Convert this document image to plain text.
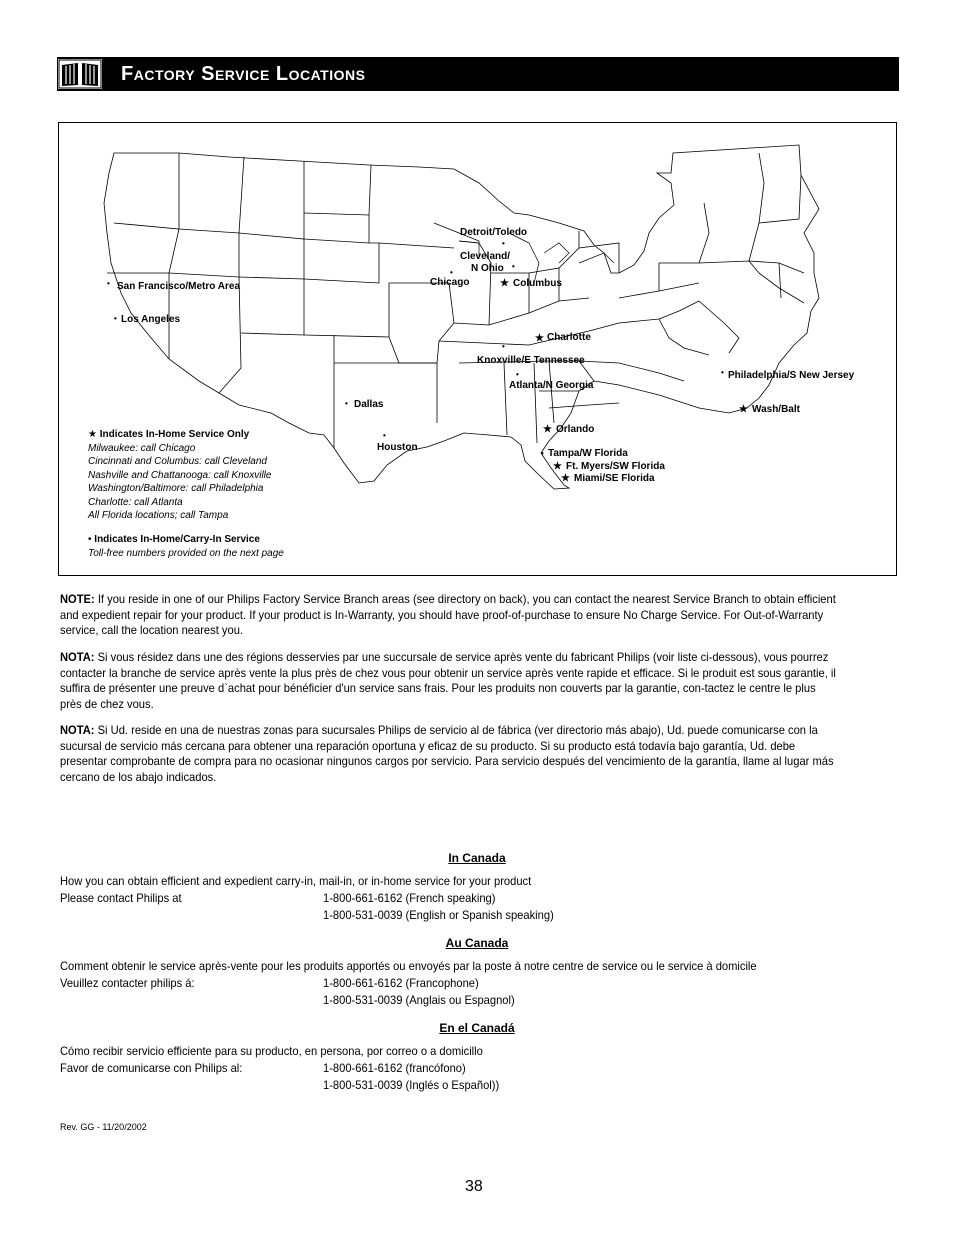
Factory Service Locations
Detroit/Toledo
•
Cleveland/
N Ohio •
•
Chicago	★ Columbus
• San Francisco/Metro Area
• Los Angeles
★ Charlotte
•
Knoxville/E Tennessee
•
Atlanta/N Georgia
• Philadelphia/S New Jersey
★ Wash/Balt
• Dallas
•
Houston
★ Orlando
• Tampa/W Florida
★ Ft. Myers/SW Florida
★ Miami/SE Florida
★ Indicates In-Home Service Only
Milwaukee: call Chicago
Cincinnati and Columbus: call Cleveland
Nashville and Chattanooga: call Knoxville
Washington/Baltimore: call Philadelphia
Charlotte: call Atlanta
All Florida locations; call Tampa
• Indicates In-Home/Carry-In Service
Toll-free numbers provided on the next page
NOTE: If you reside in one of our Philips Factory Service Branch areas (see directory on back), you can contact the nearest Service Branch to obtain efficient and expedient repair for your product. If your product is In-Warranty, you should have proof-of-purchase to ensure No Charge Service. For Out-of-Warranty service, call the location nearest you.
NOTA: Si vous résidez dans une des régions desservies par une succursale de service après vente du fabricant Philips (voir liste ci-dessous), vous pourrez contacter la branche de service après vente la plus près de chez vous pour obtenir un service après vente rapide et efficace. Si le produit est sous garantie, il suffira de présenter une preuve d`achat pour bénéficier d'un service sans frais. Pour les produits non couverts par la garantie, con-tactez le centre le plus près de chez vous.
NOTA: Si Ud. reside en una de nuestras zonas para sucursales Philips de servicio al de fábrica (ver directorio más abajo), Ud. puede comunicarse con la sucursal de servicio más cercana para obtener una reparación oportuna y eficaz de su producto. Si su producto está todavía bajo garantía, Ud. debe presentar comprobante de compra para no ocasionar ningunos cargos por servicio. Para servicio después del vencimiento de la garantía, llame al lugar más cercano de los abajo indicados.
In Canada
How you can obtain efficient and expedient carry-in, mail-in, or in-home service for your product
Please contact Philips at	1-800-661-6162 (French speaking)
1-800-531-0039 (English or Spanish speaking)
Au Canada
Comment obtenir le service après-vente pour les produits apportés ou envoyés par la poste à notre centre de service ou le service à domicile
Veuillez contacter philips á:	1-800-661-6162 (Francophone)
1-800-531-0039 (Anglais ou Espagnol)
En el Canadá
Cómo recibir servicio efficiente para su producto, en persona, por correo o a domicillo
Favor de comunicarse con Philips al:	1-800-661-6162 (francófono)
1-800-531-0039 (Inglés o Español))
Rev. GG - 11/20/2002
38
